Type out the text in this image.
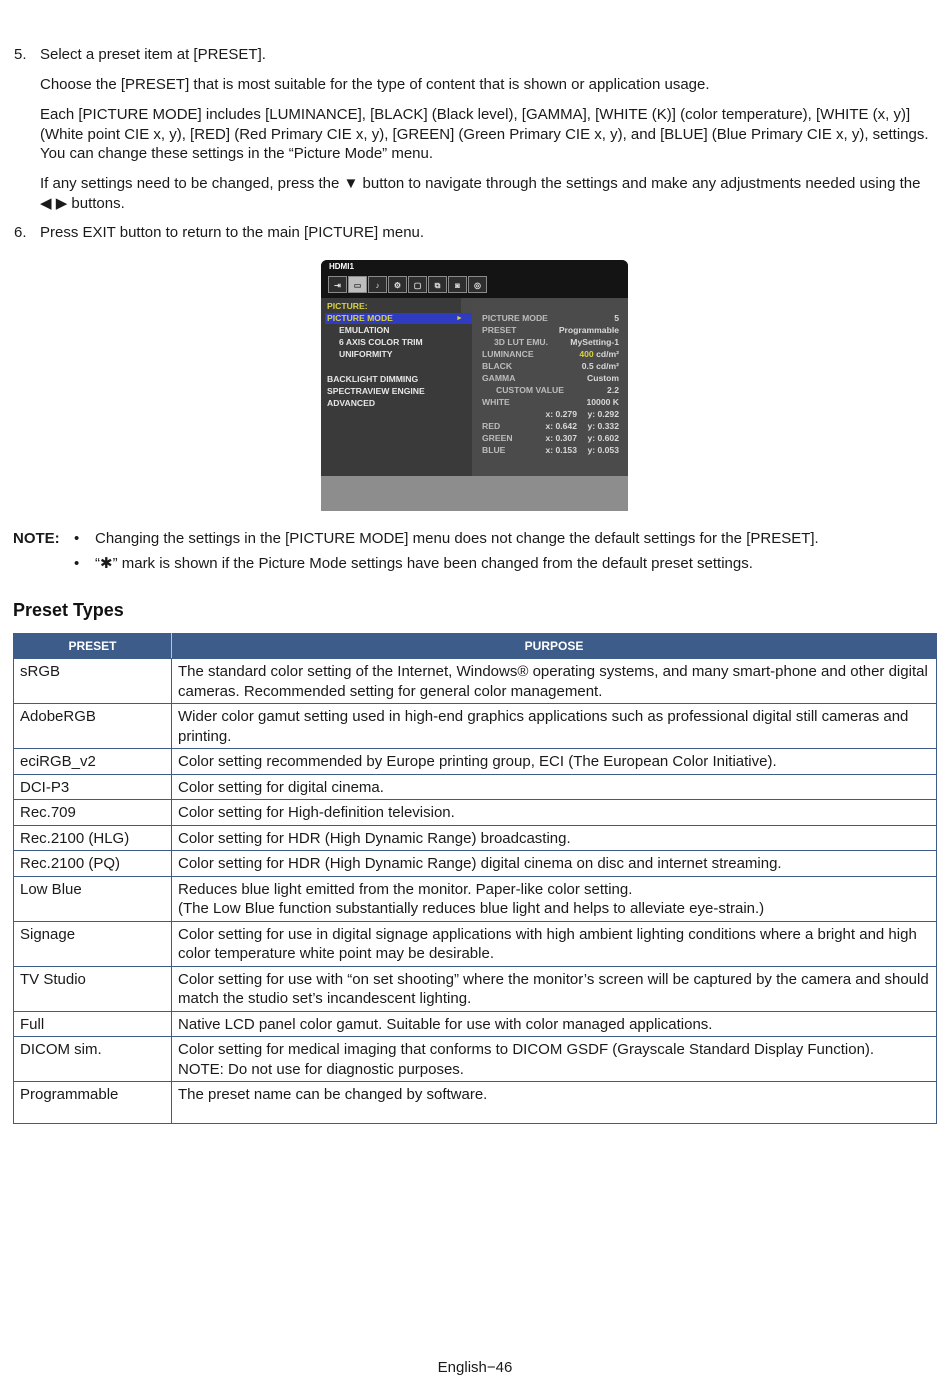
5. Select a preset item at [PRESET].
Choose the [PRESET] that is most suitable for the type of content that is shown or application usage.
Each [PICTURE MODE] includes [LUMINANCE], [BLACK] (Black level), [GAMMA], [WHITE (K)] (color temperature), [WHITE (x, y)] (White point CIE x, y), [RED] (Red Primary CIE x, y), [GREEN] (Green Primary CIE x, y), and [BLUE] (Blue Primary CIE x, y), settings. You can change these settings in the “Picture Mode” menu.
If any settings need to be changed, press the ▼ button to navigate through the settings and make any adjustments needed using the ◀ ▶ buttons.
6. Press EXIT button to return to the main [PICTURE] menu.
HDMI1
⇥	▭	♪	⚙	▢	⧉	◙	◎
PICTURE:
PICTURE MODE	►
EMULATION
6 AXIS COLOR TRIM
UNIFORMITY
BACKLIGHT DIMMING
SPECTRAVIEW ENGINE
ADVANCED
PICTURE MODE	5
PRESET	Programmable
3D LUT EMU.	MySetting-1
LUMINANCE	400 cd/m²
BLACK	0.5 cd/m²
GAMMA	Custom
CUSTOM VALUE	2.2
WHITE	10000 K
x: 0.279 y: 0.292
RED	x: 0.642 y: 0.332
GREEN	x: 0.307 y: 0.602
BLUE	x: 0.153 y: 0.053
NOTE: • Changing the settings in the [PICTURE MODE] menu does not change the default settings for the [PRESET].
• “✱” mark is shown if the Picture Mode settings have been changed from the default preset settings.
Preset Types
PRESET	PURPOSE
sRGB	The standard color setting of the Internet, Windows® operating systems, and many smart-phone and other digital cameras. Recommended setting for general color management.

AdobeRGB	Wider color gamut setting used in high-end graphics applications such as professional digital still cameras and printing.

eciRGB_v2	Color setting recommended by Europe printing group, ECI (The European Color Initiative).

DCI-P3	Color setting for digital cinema.

Rec.709	Color setting for High-definition television.

Rec.2100 (HLG)	Color setting for HDR (High Dynamic Range) broadcasting.

Rec.2100 (PQ)	Color setting for HDR (High Dynamic Range) digital cinema on disc and internet streaming.

Low Blue	Reduces blue light emitted from the monitor. Paper-like color setting.
(The Low Blue function substantially reduces blue light and helps to alleviate eye-strain.)

Signage	Color setting for use in digital signage applications with high ambient lighting conditions where a bright and high color temperature white point may be desirable.

TV Studio	Color setting for use with “on set shooting” where the monitor’s screen will be captured by the camera and should match the studio set’s incandescent lighting.

Full	Native LCD panel color gamut. Suitable for use with color managed applications.

DICOM sim.	Color setting for medical imaging that conforms to DICOM GSDF (Grayscale Standard Display Function).
NOTE: Do not use for diagnostic purposes.

Programmable	The preset name can be changed by software.
English−46
